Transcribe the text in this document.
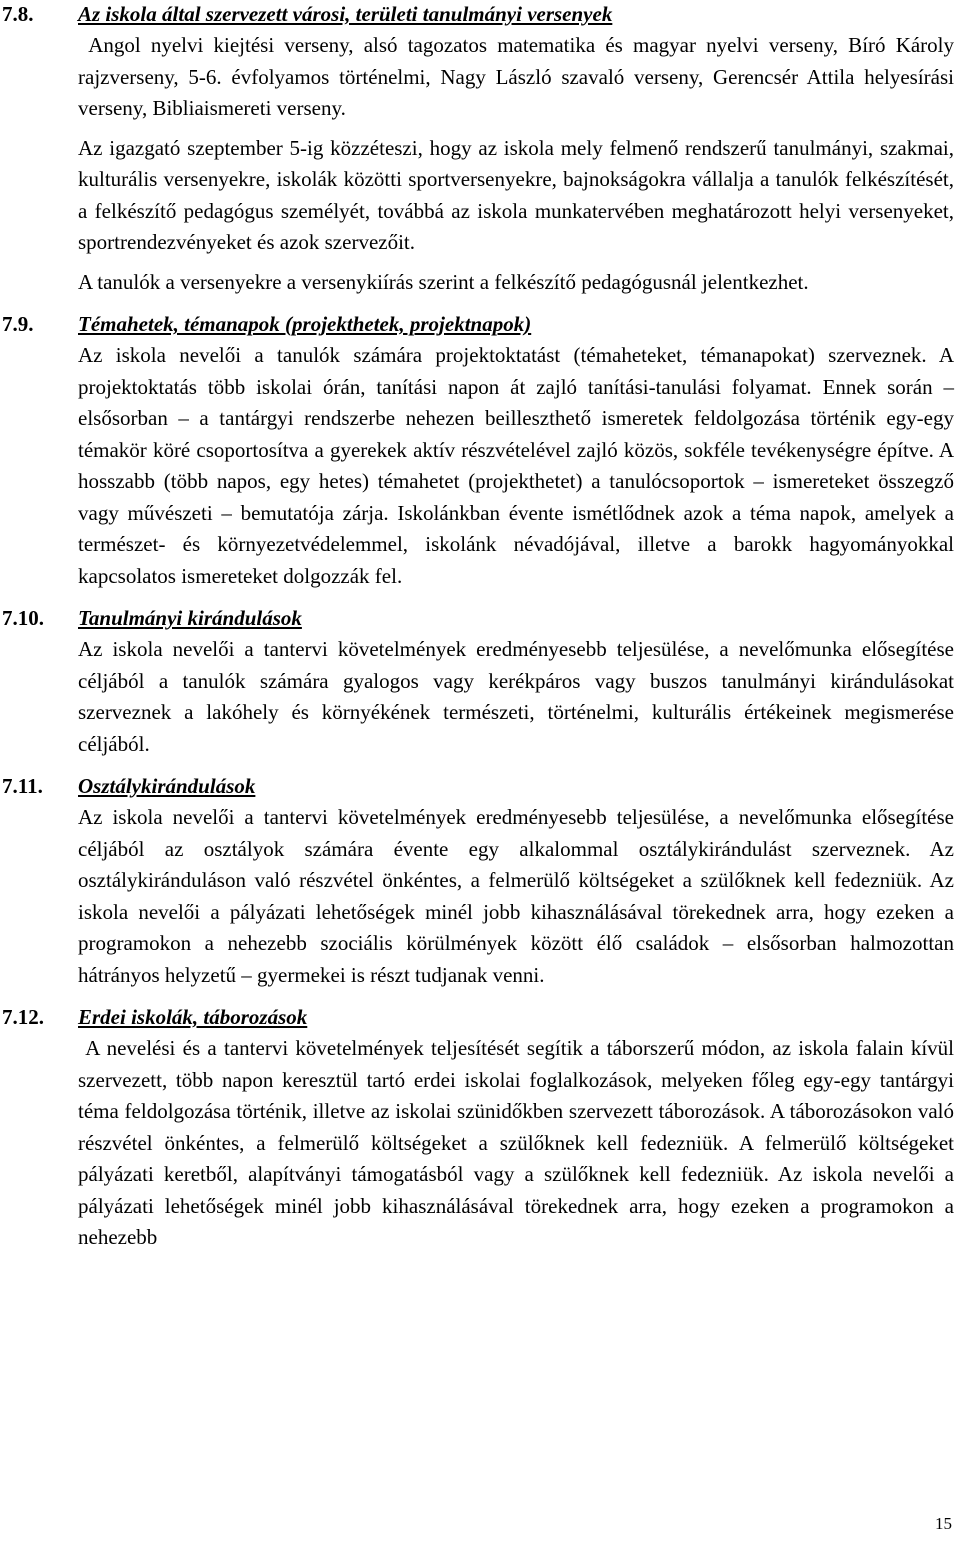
7.8. Az iskola által szervezett városi, területi tanulmányi versenyek

Angol nyelvi kiejtési verseny, alsó tagozatos matematika és magyar nyelvi verseny, Bíró Károly rajzverseny, 5-6. évfolyamos történelmi, Nagy László szavaló verseny, Gerencsér Attila helyesírási verseny, Bibliaismereti verseny.

Az igazgató szeptember 5-ig közzéteszi, hogy az iskola mely felmenő rendszerű tanulmányi, szakmai, kulturális versenyekre, iskolák közötti sportversenyekre, bajnokságokra vállalja a tanulók felkészítését, a felkészítő pedagógus személyét, továbbá az iskola munkatervében meghatározott helyi versenyeket, sportrendezvényeket és azok szervezőit.

A tanulók a versenyekre a versenykiírás szerint a felkészítő pedagógusnál jelentkezhet.

7.9. Témahetek, témanapok (projekthetek, projektnapok)

Az iskola nevelői a tanulók számára projektoktatást (témaheteket, témanapokat) szerveznek. A projektoktatás több iskolai órán, tanítási napon át zajló tanítási-tanulási folyamat. Ennek során – elsősorban – a tantárgyi rendszerbe nehezen beilleszthető ismeretek feldolgozása történik egy-egy témakör köré csoportosítva a gyerekek aktív részvételével zajló közös, sokféle tevékenységre építve. A hosszabb (több napos, egy hetes) témahetet (projekthetet) a tanulócsoportok – ismereteket összegző vagy művészeti – bemutatója zárja. Iskolánkban évente ismétlődnek azok a téma napok, amelyek a természet- és környezetvédelemmel, iskolánk névadójával, illetve a barokk hagyományokkal kapcsolatos ismereteket dolgozzák fel.

7.10. Tanulmányi kirándulások

Az iskola nevelői a tantervi követelmények eredményesebb teljesülése, a nevelőmunka elősegítése céljából a tanulók számára gyalogos vagy kerékpáros vagy buszos tanulmányi kirándulásokat szerveznek a lakóhely és környékének természeti, történelmi, kulturális értékeinek megismerése céljából.

7.11. Osztálykirándulások

Az iskola nevelői a tantervi követelmények eredményesebb teljesülése, a nevelőmunka elősegítése céljából az osztályok számára évente egy alkalommal osztálykirándulást szerveznek. Az osztálykiránduláson való részvétel önkéntes, a felmerülő költségeket a szülőknek kell fedezniük. Az iskola nevelői a pályázati lehetőségek minél jobb kihasználásával törekednek arra, hogy ezeken a programokon a nehezebb szociális körülmények között élő családok – elsősorban halmozottan hátrányos helyzetű – gyermekei is részt tudjanak venni.

7.12. Erdei iskolák, táborozások

A nevelési és a tantervi követelmények teljesítését segítik a táborszerű módon, az iskola falain kívül szervezett, több napon keresztül tartó erdei iskolai foglalkozások, melyeken főleg egy-egy tantárgyi téma feldolgozása történik, illetve az iskolai szünidőkben szervezett táborozások. A táborozásokon való részvétel önkéntes, a felmerülő költségeket a szülőknek kell fedezniük. A felmerülő költségeket pályázati keretből, alapítványi támogatásból vagy a szülőknek kell fedezniük. Az iskola nevelői a pályázati lehetőségek minél jobb kihasználásával törekednek arra, hogy ezeken a programokon a nehezebb

15
